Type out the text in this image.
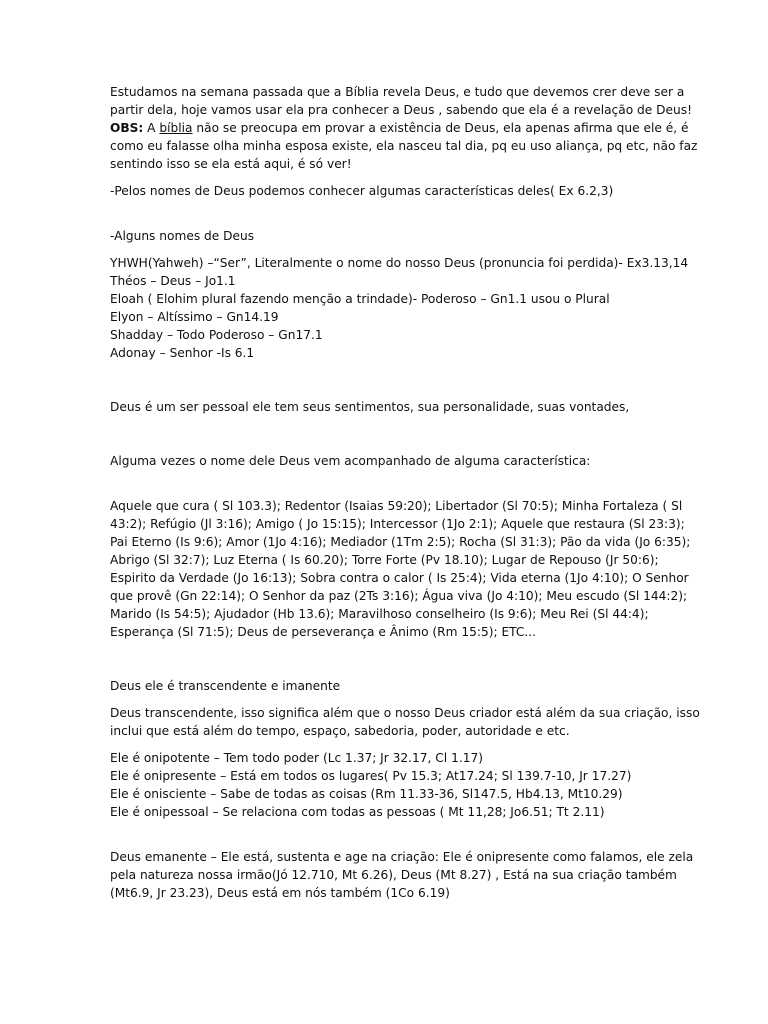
Estudamos na semana passada que a Bíblia revela Deus, e tudo que devemos crer deve ser a
partir dela, hoje vamos usar ela pra conhecer a Deus , sabendo que ela é a revelação de Deus!
OBS: A bíblia não se preocupa em provar a existência de Deus, ela apenas afirma que ele é, é
como eu falasse olha minha esposa existe, ela nasceu tal dia, pq eu uso aliança, pq etc, não faz
sentindo isso se ela está aqui, é só ver!
-Pelos nomes de Deus podemos conhecer algumas características deles( Ex 6.2,3)
-Alguns nomes de Deus
YHWH(Yahweh) –“Ser”, Literalmente o nome do nosso Deus (pronuncia foi perdida)- Ex3.13,14
Théos – Deus – Jo1.1
Eloah ( Elohim plural fazendo menção a trindade)- Poderoso – Gn1.1 usou o Plural
Elyon – Altíssimo – Gn14.19
Shadday – Todo Poderoso – Gn17.1
Adonay – Senhor -Is 6.1
Deus é um ser pessoal ele tem seus sentimentos, sua personalidade, suas vontades,
Alguma vezes o nome dele Deus vem acompanhado de alguma característica:
Aquele que cura ( Sl 103.3); Redentor (Isaias 59:20); Libertador (Sl 70:5); Minha Fortaleza ( Sl
43:2); Refúgio (Jl 3:16); Amigo ( Jo 15:15); Intercessor (1Jo 2:1); Aquele que restaura (Sl 23:3);
Pai Eterno (Is 9:6); Amor (1Jo 4:16); Mediador (1Tm 2:5); Rocha (Sl 31:3); Pão da vida (Jo 6:35);
Abrigo (Sl 32:7); Luz Eterna ( Is 60.20); Torre Forte (Pv 18.10); Lugar de Repouso (Jr 50:6);
Espirito da Verdade (Jo 16:13); Sobra contra o calor ( Is 25:4); Vida eterna (1Jo 4:10); O Senhor
que provê (Gn 22:14); O Senhor da paz (2Ts 3:16); Água viva (Jo 4:10); Meu escudo (Sl 144:2);
Marido (Is 54:5); Ajudador (Hb 13.6); Maravilhoso conselheiro (Is 9:6); Meu Rei (Sl 44:4);
Esperança (Sl 71:5); Deus de perseverança e Ânimo (Rm 15:5); ETC...
Deus ele é transcendente e imanente
Deus transcendente, isso significa além que o nosso Deus criador está além da sua criação, isso
inclui que está além do tempo, espaço, sabedoria, poder, autoridade e etc.
Ele é onipotente – Tem todo poder (Lc 1.37; Jr 32.17, Cl 1.17)
Ele é onipresente – Está em todos os lugares( Pv 15.3; At17.24; Sl 139.7-10, Jr 17.27)
Ele é onisciente – Sabe de todas as coisas (Rm 11.33-36, Sl147.5, Hb4.13, Mt10.29)
Ele é onipessoal – Se relaciona com todas as pessoas ( Mt 11,28; Jo6.51; Tt 2.11)
Deus emanente – Ele está, sustenta e age na criação: Ele é onipresente como falamos, ele zela
pela natureza nossa irmão(Jó 12.710, Mt 6.26), Deus (Mt 8.27) , Está na sua criação também
(Mt6.9, Jr 23.23), Deus está em nós também (1Co 6.19)
